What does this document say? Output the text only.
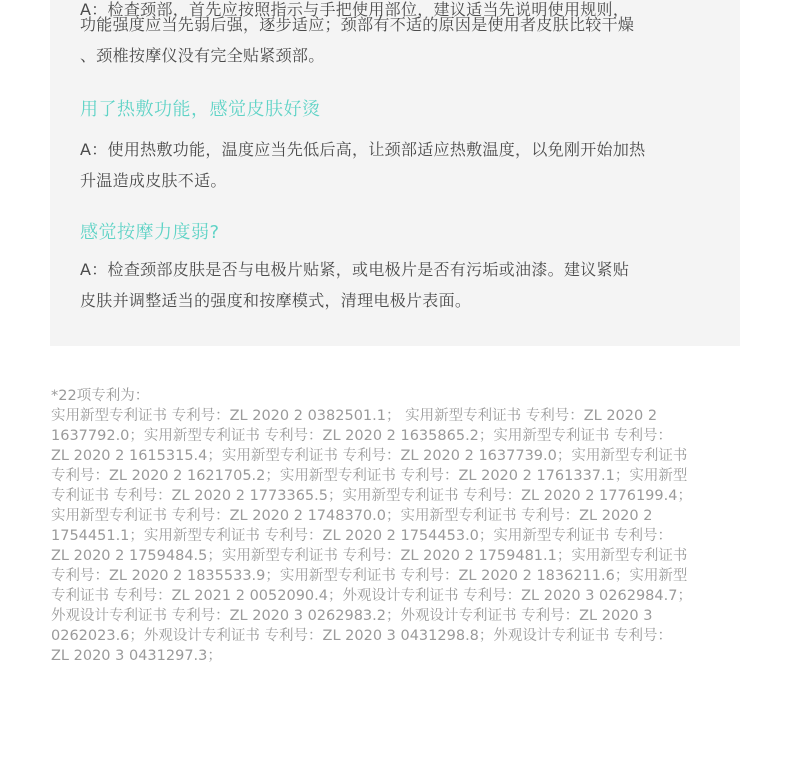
A：检查颈部，首先应按照指示与手把使用部位，建议适当先说明使用规则，

功能强度应当先弱后强，逐步适应；颈部有不适的原因是使用者皮肤比较干燥

、颈椎按摩仪没有完全贴紧颈部。

用了热敷功能，感觉皮肤好烫

A：使用热敷功能，温度应当先低后高，让颈部适应热敷温度，以免刚开始加热

升温造成皮肤不适。

感觉按摩力度弱?

A：检查颈部皮肤是否与电极片贴紧，或电极片是否有污垢或油漆。建议紧贴

皮肤并调整适当的强度和按摩模式，清理电极片表面。

*22项专利为：

实用新型专利证书 专利号：ZL 2020 2 0382501.1； 实用新型专利证书 专利号：ZL 2020 2

1637792.0；实用新型专利证书 专利号：ZL 2020 2 1635865.2；实用新型专利证书 专利号：

ZL 2020 2 1615315.4；实用新型专利证书 专利号：ZL 2020 2 1637739.0；实用新型专利证书

专利号：ZL 2020 2 1621705.2；实用新型专利证书 专利号：ZL 2020 2 1761337.1；实用新型

专利证书 专利号：ZL 2020 2 1773365.5；实用新型专利证书 专利号：ZL 2020 2 1776199.4；

实用新型专利证书 专利号：ZL 2020 2 1748370.0；实用新型专利证书 专利号：ZL 2020 2

1754451.1；实用新型专利证书 专利号：ZL 2020 2 1754453.0；实用新型专利证书 专利号：

ZL 2020 2 1759484.5；实用新型专利证书 专利号：ZL 2020 2 1759481.1；实用新型专利证书

专利号：ZL 2020 2 1835533.9；实用新型专利证书 专利号：ZL 2020 2 1836211.6；实用新型

专利证书 专利号：ZL 2021 2 0052090.4；外观设计专利证书 专利号：ZL 2020 3 0262984.7；

外观设计专利证书 专利号：ZL 2020 3 0262983.2；外观设计专利证书 专利号：ZL 2020 3

0262023.6；外观设计专利证书 专利号：ZL 2020 3 0431298.8；外观设计专利证书 专利号：

ZL 2020 3 0431297.3；
